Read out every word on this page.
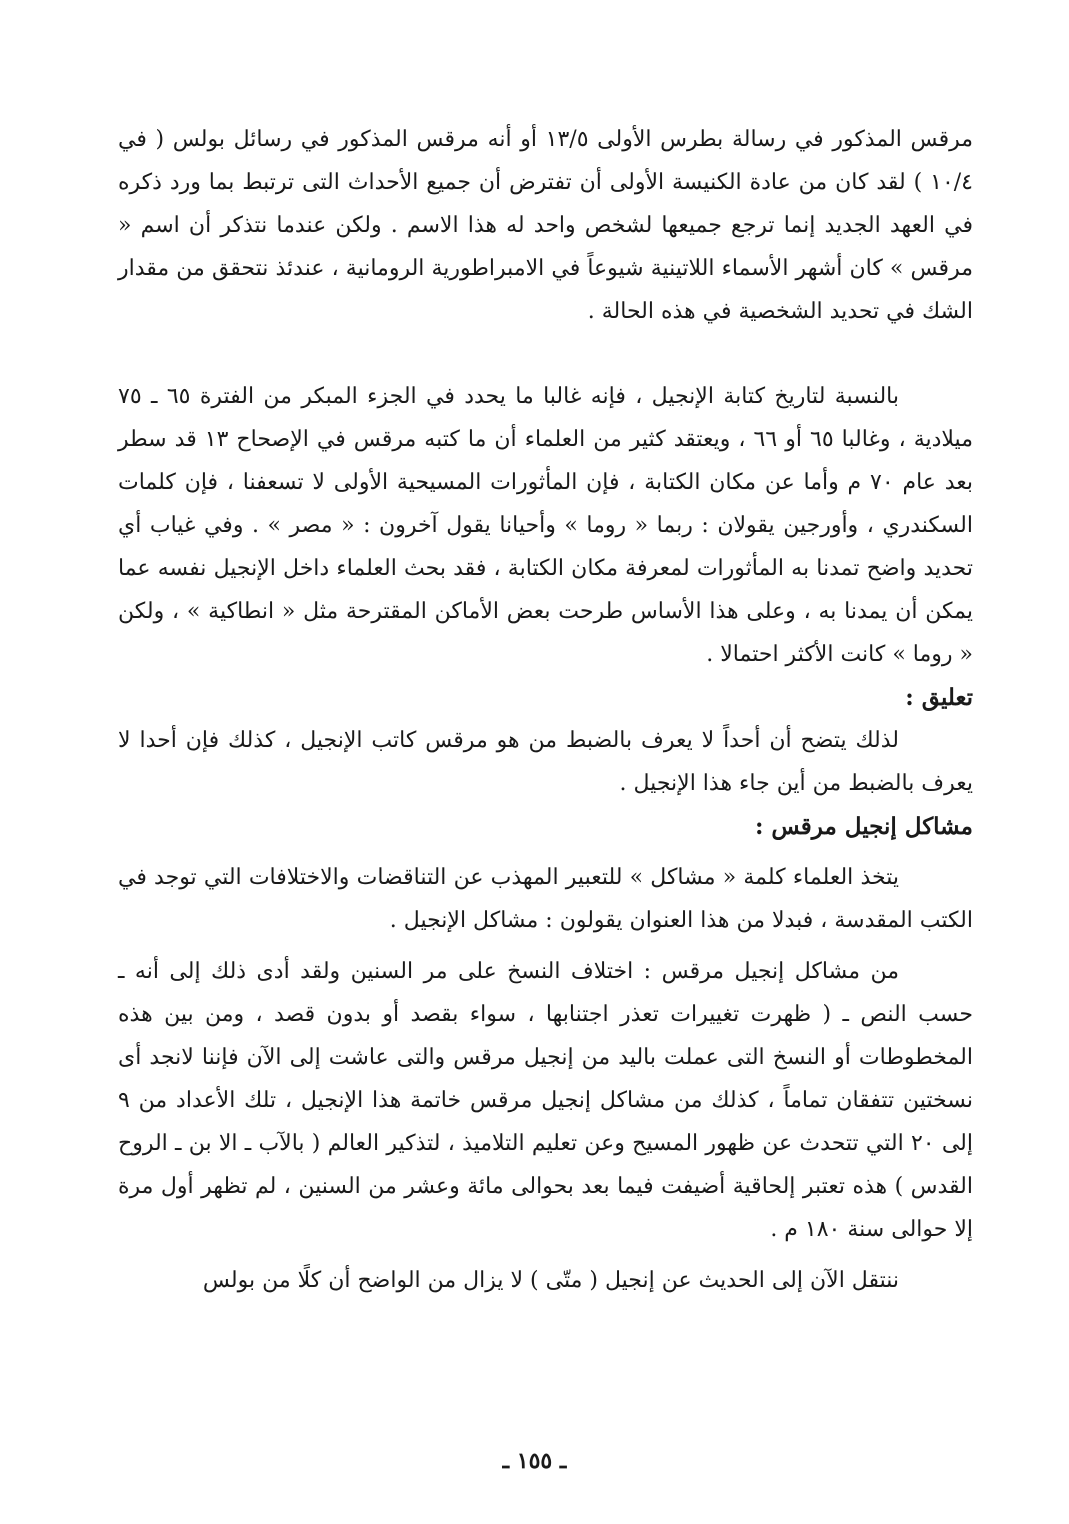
مرقس المذكور في رسالة بطرس الأولى ١٣/٥ أو أنه مرقس المذكور في رسائل بولس ( في ١٠/٤ ) لقد كان من عادة الكنيسة الأولى أن تفترض أن جميع الأحداث التى ترتبط بما ورد ذكره في العهد الجديد إنما ترجع جميعها لشخص واحد له هذا الاسم . ولكن عندما نتذكر أن اسم « مرقس » كان أشهر الأسماء اللاتينية شيوعاً في الامبراطورية الرومانية ، عندئذ نتحقق من مقدار الشك في تحديد الشخصية في هذه الحالة .

بالنسبة لتاريخ كتابة الإنجيل ، فإنه غالبا ما يحدد في الجزء المبكر من الفترة ٦٥ ـ ٧٥ ميلادية ، وغالبا ٦٥ أو ٦٦ ، ويعتقد كثير من العلماء أن ما كتبه مرقس في الإصحاح ١٣ قد سطر بعد عام ٧٠ م وأما عن مكان الكتابة ، فإن المأثورات المسيحية الأولى لا تسعفنا ، فإن كلمات السكندري ، وأورجين يقولان : ربما « روما » وأحيانا يقول آخرون : « مصر » . وفي غياب أي تحديد واضح تمدنا به المأثورات لمعرفة مكان الكتابة ، فقد بحث العلماء داخل الإنجيل نفسه عما يمكن أن يمدنا به ، وعلى هذا الأساس طرحت بعض الأماكن المقترحة مثل « انطاكية » ، ولكن « روما » كانت الأكثر احتمالا .

تعليق :

لذلك يتضح أن أحداً لا يعرف بالضبط من هو مرقس كاتب الإنجيل ، كذلك فإن أحدا لا يعرف بالضبط من أين جاء هذا الإنجيل .

مشاكل إنجيل مرقس :

يتخذ العلماء كلمة « مشاكل » للتعبير المهذب عن التناقضات والاختلافات التي توجد في الكتب المقدسة ، فبدلا من هذا العنوان يقولون : مشاكل الإنجيل .

من مشاكل إنجيل مرقس : اختلاف النسخ على مر السنين ولقد أدى ذلك إلى أنه ـ حسب النص ـ ( ظهرت تغييرات تعذر اجتنابها ، سواء بقصد أو بدون قصد ، ومن بين هذه المخطوطات أو النسخ التى عملت باليد من إنجيل مرقس والتى عاشت إلى الآن فإننا لانجد أى نسختين تتفقان تماماً ، كذلك من مشاكل إنجيل مرقس خاتمة هذا الإنجيل ، تلك الأعداد من ٩ إلى ٢٠ التي تتحدث عن ظهور المسيح وعن تعليم التلاميذ ، لتذكير العالم ( بالآب ـ الا بن ـ الروح القدس ) هذه تعتبر إلحاقية أضيفت فيما بعد بحوالى مائة وعشر من السنين ، لم تظهر أول مرة إلا حوالى سنة ١٨٠ م .

ننتقل الآن إلى الحديث عن إنجيل ( متّى ) لا يزال من الواضح أن كلًا من بولس

ـ ١٥٥ ـ
